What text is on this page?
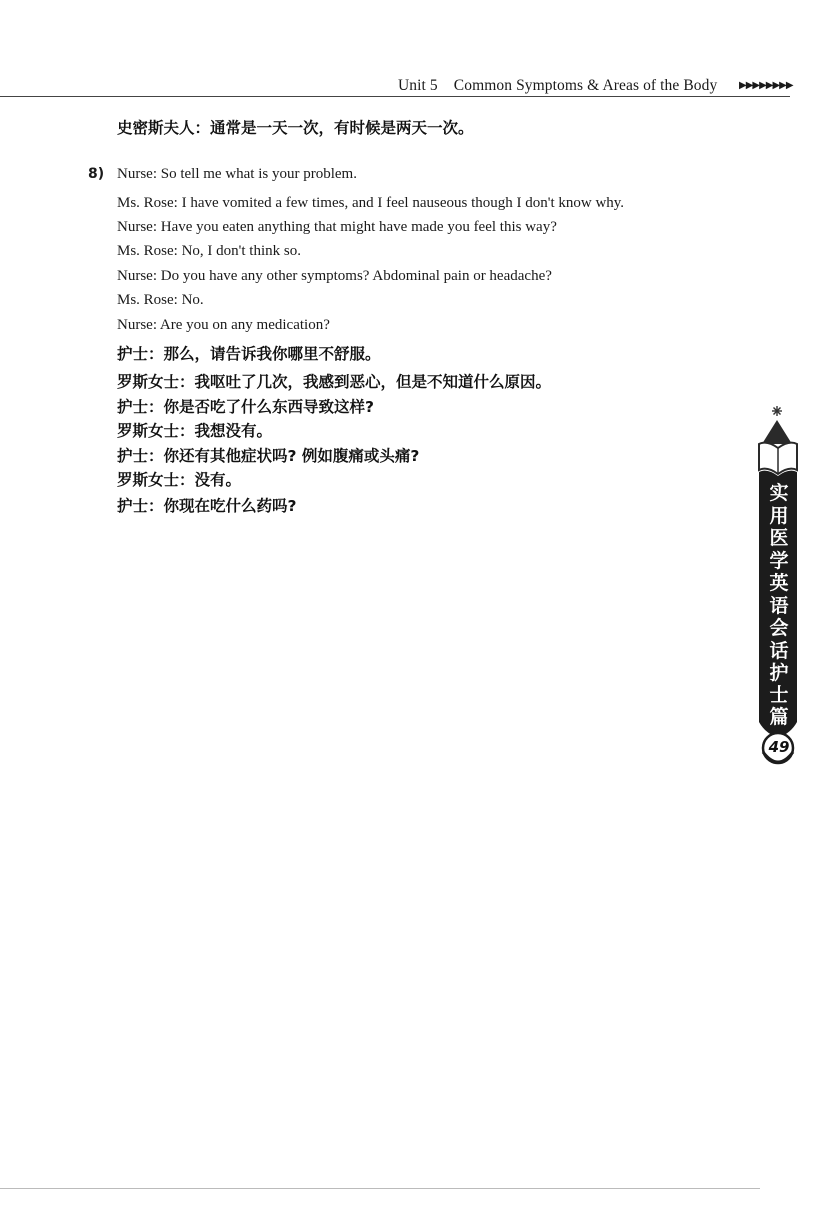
Unit 5 Common Symptoms & Areas of the Body ▶▶▶▶▶▶▶▶
史密斯夫人：通常是一天一次，有时候是两天一次。
8) Nurse: So tell me what is your problem.
Ms. Rose: I have vomited a few times, and I feel nauseous though I don't know why.
Nurse: Have you eaten anything that might have made you feel this way?
Ms. Rose: No, I don't think so.
Nurse: Do you have any other symptoms? Abdominal pain or headache?
Ms. Rose: No.
Nurse: Are you on any medication?
护士：那么，请告诉我你哪里不舒服。
罗斯女士：我呕吐了几次，我感到恶心，但是不知道什么原因。
护士：你是否吃了什么东西导致这样?
罗斯女士：我想没有。
护士：你还有其他症状吗? 例如腹痛或头痛?
罗斯女士：没有。
护士：你现在吃什么药吗?
实用医学英语会话
护士篇
49
